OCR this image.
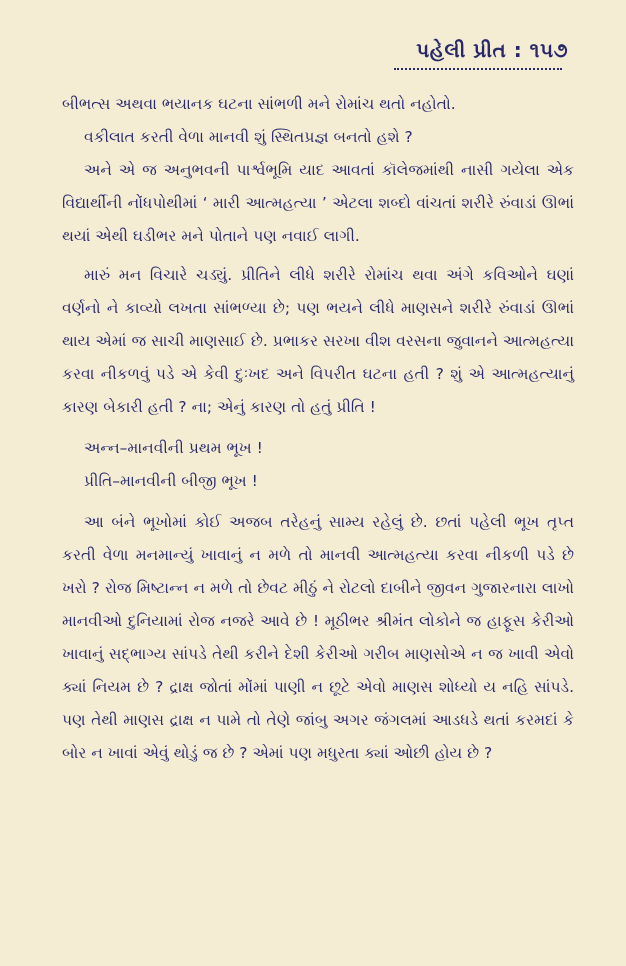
પહેલી પ્રીત : ૧૫૭

બીભત્સ અથવા ભયાનક ઘટના સાંભળી મને રોમાંચ થતો નહોતો.

વકીલાત કરતી વેળા માનવી શું સ્થિતપ્રજ્ઞ બનતો હશે ?

અને એ જ અનુભવની પાર્શ્વભૂમિ યાદ આવતાં કૉલેજમાંથી નાસી ગયેલા એક વિદ્યાર્થીની નોંધપોથીમાં ‘ મારી આત્મહત્યા ’ એટલા શબ્દો વાંચતાં શરીરે રુંવાડાં ઊભાં થયાં એથી ઘડીભર મને પોતાને પણ નવાઈ લાગી.

મારું મન વિચારે ચડ્યું. પ્રીતિને લીધે શરીરે રોમાંચ થવા અંગે કવિઓને ઘણાં વર્ણનો ને કાવ્યો લખતા સાંભળ્યા છે; પણ ભયને લીધે માણસને શરીરે રુંવાડાં ઊભાં થાય એમાં જ સાચી માણસાઈ છે. પ્રભાકર સરખા વીશ વરસના જુવાનને આત્મહત્યા કરવા નીકળવું પડે એ કેવી દુઃખદ અને વિપરીત ઘટના હતી ? શું એ આત્મહત્યાનું કારણ બેકારી હતી ? ના; એનું કારણ તો હતું પ્રીતિ !

અન્ન–માનવીની પ્રથમ ભૂખ !
પ્રીતિ–માનવીની બીજી ભૂખ !

આ બંને ભૂખોમાં કોઈ અજબ તરેહનું સામ્ય રહેલું છે. છતાં પહેલી ભૂખ તૃપ્ત કરતી વેળા મનમાન્યું ખાવાનું ન મળે તો માનવી આત્મહત્યા કરવા નીકળી પડે છે ખરો ? રોજ મિષ્ટાન્ન ન મળે તો છેવટ મીઠું ને રોટલો દાબીને જીવન ગુજારનારા લાખો માનવીઓ દુનિયામાં રોજ નજરે આવે છે ! મૂઠીભર શ્રીમંત લોકોને જ હાફૂસ કેરીઓ ખાવાનું સદ્ભાગ્ય સાંપડે તેથી કરીને દેશી કેરીઓ ગરીબ માણસોએ ન જ ખાવી એવો ક્યાં નિયમ છે ? દ્રાક્ષ જોતાં મોંમાં પાણી ન છૂટે એવો માણસ શોધ્યો ય નહિ સાંપડે. પણ તેથી માણસ દ્રાક્ષ ન પામે તો તેણે જાંબુ અગર જંગલમાં આડધડે થતાં કરમદાં કે બોર ન ખાવાં એવું થોડું જ છે ? એમાં પણ મધુરતા ક્યાં ઓછી હોય છે ?
